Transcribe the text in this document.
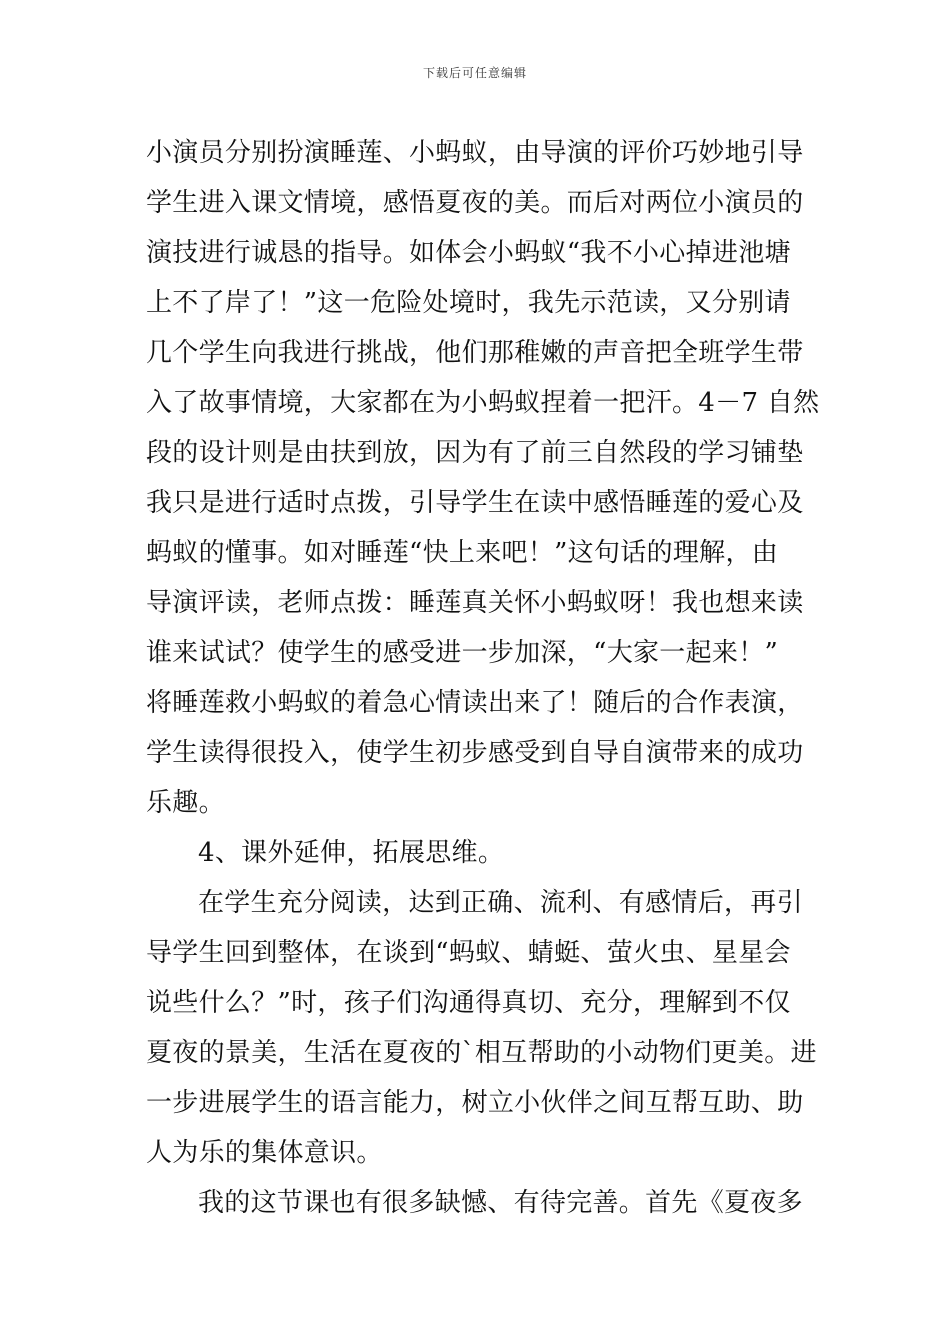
下载后可任意编辑
小演员分别扮演睡莲、小蚂蚁，由导演的评价巧妙地引导
学生进入课文情境，感悟夏夜的美。而后对两位小演员的
演技进行诚恳的指导。如体会小蚂蚁“我不小心掉进池塘
上不了岸了！”这一危险处境时，我先示范读，又分别请
几个学生向我进行挑战，他们那稚嫩的声音把全班学生带
入了故事情境，大家都在为小蚂蚁捏着一把汗。4－7 自然
段的设计则是由扶到放，因为有了前三自然段的学习铺垫
我只是进行适时点拨，引导学生在读中感悟睡莲的爱心及
蚂蚁的懂事。如对睡莲“快上来吧！”这句话的理解，由
导演评读，老师点拨：睡莲真关怀小蚂蚁呀！我也想来读
谁来试试？使学生的感受进一步加深，“大家一起来！”
将睡莲救小蚂蚁的着急心情读出来了！随后的合作表演，
学生读得很投入，使学生初步感受到自导自演带来的成功
乐趣。
4、课外延伸，拓展思维。
在学生充分阅读，达到正确、流利、有感情后，再引
导学生回到整体，在谈到“蚂蚁、蜻蜓、萤火虫、星星会
说些什么？”时，孩子们沟通得真切、充分，理解到不仅
夏夜的景美，生活在夏夜的`相互帮助的小动物们更美。进
一步进展学生的语言能力，树立小伙伴之间互帮互助、助
人为乐的集体意识。
我的这节课也有很多缺憾、有待完善。首先《夏夜多
